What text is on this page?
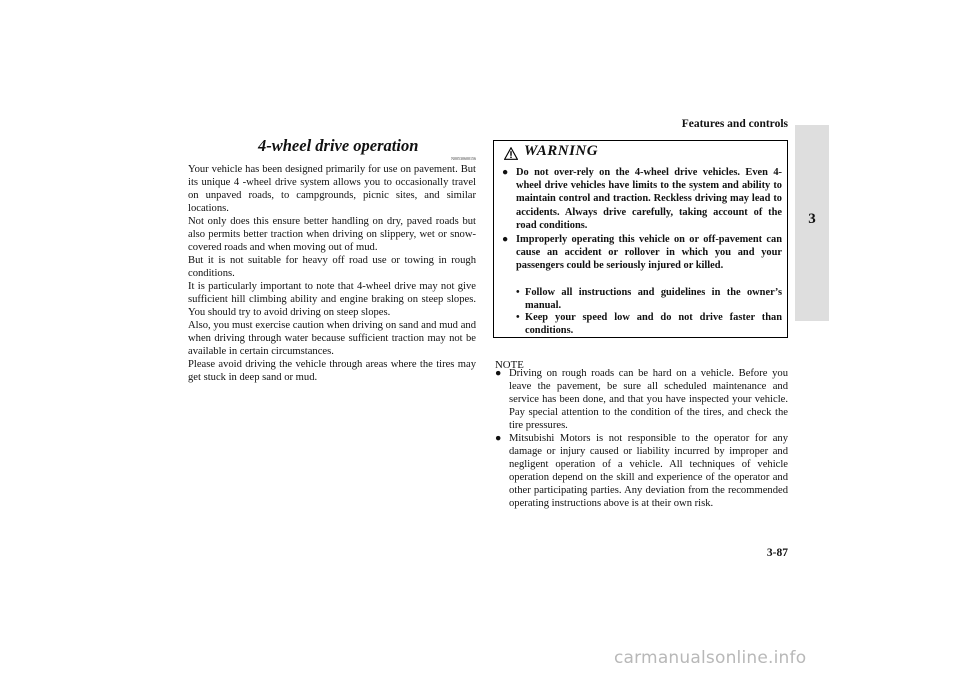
Features and controls
3
4-wheel drive operation
N00530600156

Your vehicle has been designed primarily for use on pavement. But its unique 4 -wheel drive system allows you to occasionally travel on unpaved roads, to campgrounds, picnic sites, and similar locations.

Not only does this ensure better handling on dry, paved roads but also permits better traction when driving on slippery, wet or snow-covered roads and when moving out of mud.

But it is not suitable for heavy off road use or towing in rough conditions.

It is particularly important to note that 4-wheel drive may not give sufficient hill climbing ability and engine braking on steep slopes. You should try to avoid driving on steep slopes.

Also, you must exercise caution when driving on sand and mud and when driving through water because sufficient traction may not be available in certain circumstances.

Please avoid driving the vehicle through areas where the tires may get stuck in deep sand or mud.

WARNING
● Do not over-rely on the 4-wheel drive vehicles. Even 4-wheel drive vehicles have limits to the system and ability to maintain control and traction. Reckless driving may lead to accidents. Always drive carefully, taking account of the road conditions.
● Improperly operating this vehicle on or off-pavement can cause an accident or rollover in which you and your passengers could be seriously injured or killed.
• Follow all instructions and guidelines in the owner’s manual.
• Keep your speed low and do not drive faster than conditions.
NOTE
● Driving on rough roads can be hard on a vehicle. Before you leave the pavement, be sure all scheduled maintenance and service has been done, and that you have inspected your vehicle. Pay special attention to the condition of the tires, and check the tire pressures.
● Mitsubishi Motors is not responsible to the operator for any damage or injury caused or liability incurred by improper and negligent operation of a vehicle. All techniques of vehicle operation depend on the skill and experience of the operator and other participating parties. Any deviation from the recommended operating instructions above is at their own risk.
3-87
carmanualsonline.info
